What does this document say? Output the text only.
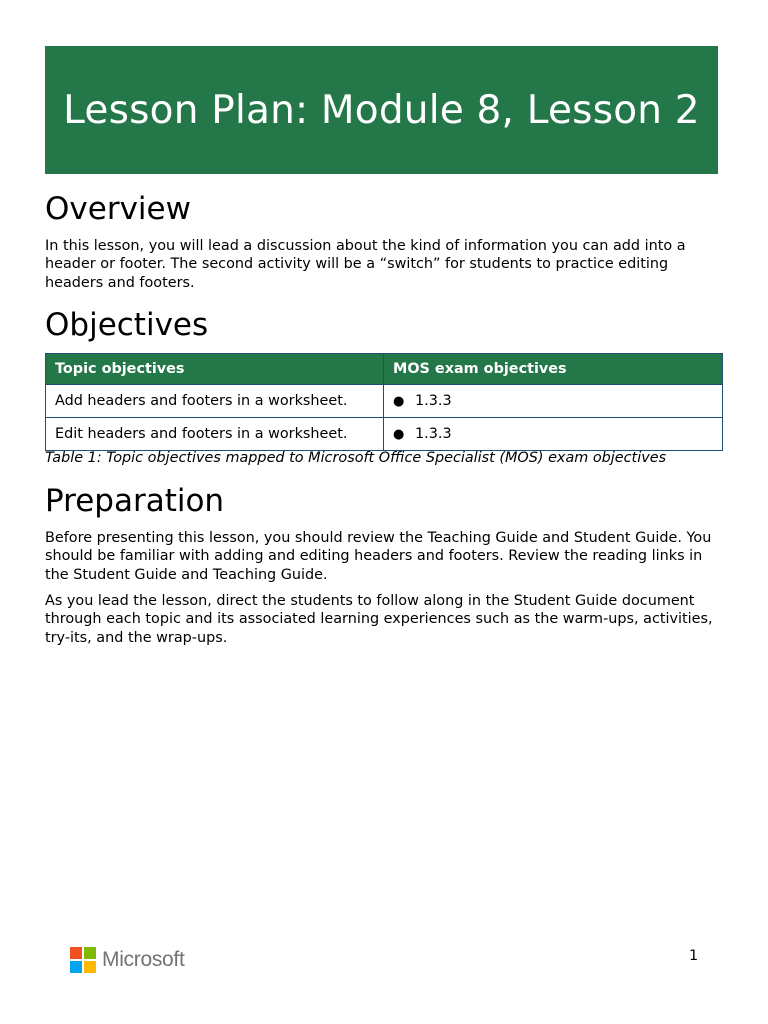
Lesson Plan: Module 8, Lesson 2
Overview

In this lesson, you will lead a discussion about the kind of information you can add into a header or footer. The second activity will be a “switch” for students to practice editing headers and footers.

Objectives
Topic objectives	MOS exam objectives
Add headers and footers in a worksheet.	● 1.3.3

Edit headers and footers in a worksheet.	● 1.3.3

Table 1: Topic objectives mapped to Microsoft Office Specialist (MOS) exam objectives

Preparation

Before presenting this lesson, you should review the Teaching Guide and Student Guide. You should be familiar with adding and editing headers and footers. Review the reading links in the Student Guide and Teaching Guide.

As you lead the lesson, direct the students to follow along in the Student Guide document through each topic and its associated learning experiences such as the warm-ups, activities, try-its, and the wrap-ups.

Microsoft	1
